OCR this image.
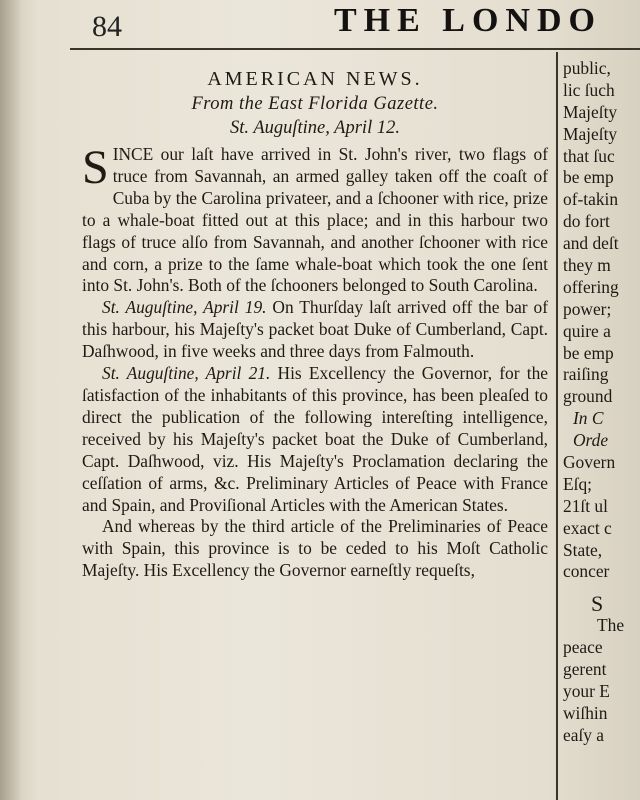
84	THE LONDO
AMERICAN NEWS.
From the East Florida Gazette.
St. Auguſtine, April 12.

SINCE our laſt have arrived in St. John's river, two flags of truce from Savannah, an armed galley taken off the coaſt of Cuba by the Carolina privateer, and a ſchooner with rice, prize to a whale-boat fitted out at this place; and in this harbour two flags of truce alſo from Savannah, and another ſchooner with rice and corn, a prize to the ſame whale-boat which took the one ſent into St. John's. Both of the ſchooners belonged to South Carolina.

St. Auguſtine, April 19. On Thurſday laſt arrived off the bar of this harbour, his Majeſty's packet boat Duke of Cumberland, Capt. Daſhwood, in five weeks and three days from Falmouth.

St. Auguſtine, April 21. His Excellency the Governor, for the ſatisfaction of the inhabitants of this province, has been pleaſed to direct the publication of the following intereſting intelligence, received by his Majeſty's packet boat the Duke of Cumberland, Capt. Daſhwood, viz. His Majeſty's Proclamation declaring the ceſſation of arms, &c. Preliminary Articles of Peace with France and Spain, and Proviſional Articles with the American States.

And whereas by the third article of the Preliminaries of Peace with Spain, this province is to be ceded to his Moſt Catholic Majeſty. His Excellency the Governor earneſtly requeſts,

public,
lic ſuch
Majeſty
Majeſty
that ſuc
be emp
of-takin
do fort
and deſt
they m
offering
power;
quire a
be emp
raiſing
ground
In C
Orde
Govern
Eſq;
21ſt ul
exact c
State,
concer
S
The
peace
gerent
your E
wiſhin
eaſy a
